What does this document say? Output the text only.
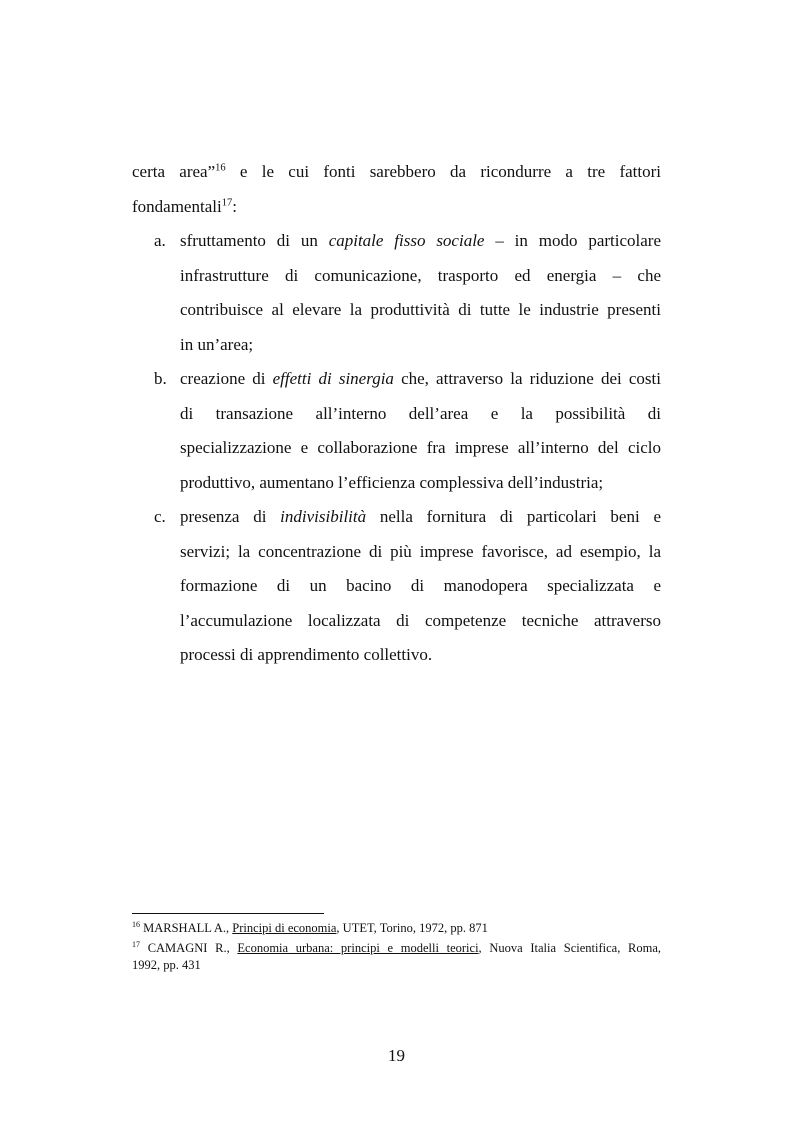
certa area”$^{16}$ e le cui fonti sarebbero da ricondurre a tre fattori
fondamentali$^{17}$:
a. sfruttamento di un capitale fisso sociale – in modo particolare
infrastrutture di comunicazione, trasporto ed energia – che
contribuisce al elevare la produttività di tutte le industrie presenti
in un’area;
b. creazione di effetti di sinergia che, attraverso la riduzione dei costi
di transazione all’interno dell’area e la possibilità di
specializzazione e collaborazione fra imprese all’interno del ciclo
produttivo, aumentano l’efficienza complessiva dell’industria;
c. presenza di indivisibilità nella fornitura di particolari beni e
servizi; la concentrazione di più imprese favorisce, ad esempio, la
formazione di un bacino di manodopera specializzata e
l’accumulazione localizzata di competenze tecniche attraverso
processi di apprendimento collettivo.
$^{16}$ MARSHALL A., Principi di economia, UTET, Torino, 1972, pp. 871
$^{17}$ CAMAGNI R., Economia urbana: principi e modelli teorici, Nuova Italia Scientifica, Roma,
1992, pp. 431
19
